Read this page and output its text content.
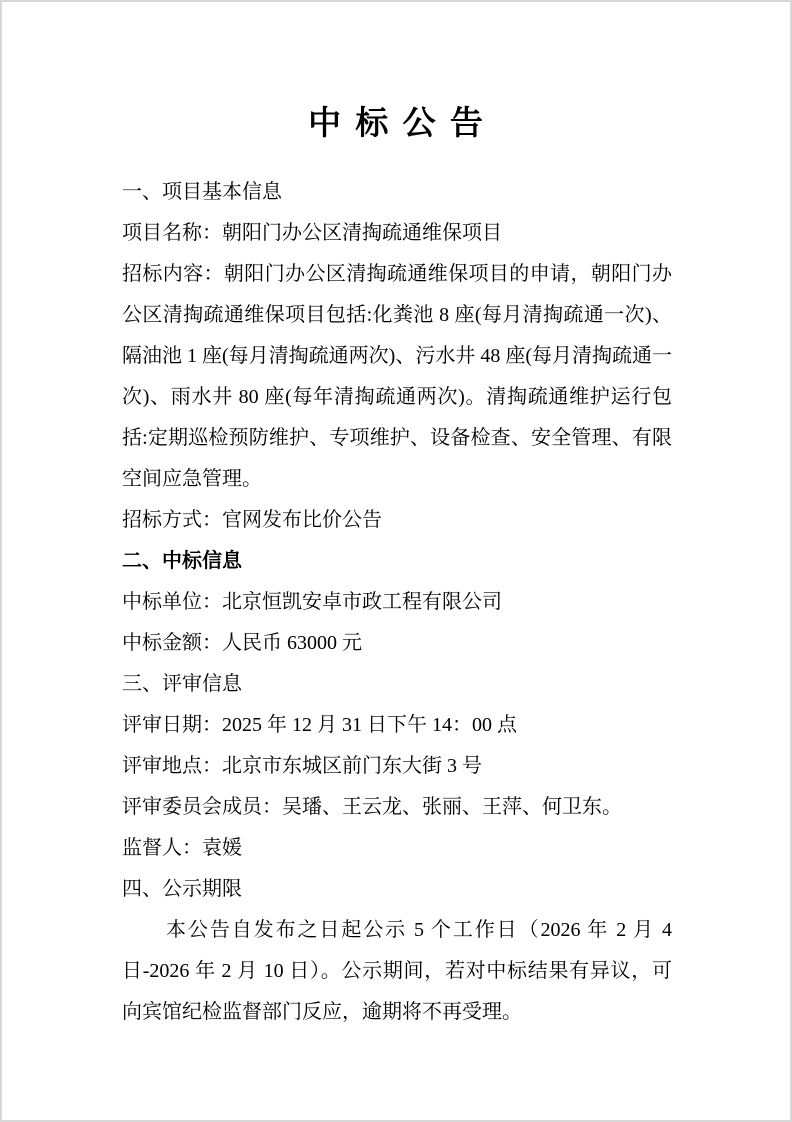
中 标 公 告
一、项目基本信息
项目名称：朝阳门办公区清掏疏通维保项目
招标内容：朝阳门办公区清掏疏通维保项目的申请，朝阳门办公区清掏疏通维保项目包括:化粪池 8 座(每月清掏疏通一次)、隔油池 1 座(每月清掏疏通两次)、污水井 48 座(每月清掏疏通一次)、雨水井 80 座(每年清掏疏通两次)。清掏疏通维护运行包括:定期巡检预防维护、专项维护、设备检查、安全管理、有限空间应急管理。
招标方式：官网发布比价公告
二、中标信息
中标单位：北京恒凯安卓市政工程有限公司
中标金额：人民币 63000 元
三、评审信息
评审日期：2025 年 12 月 31 日下午 14：00 点
评审地点：北京市东城区前门东大街 3 号
评审委员会成员：吴璠、王云龙、张丽、王萍、何卫东。
监督人：袁媛
四、公示期限
本公告自发布之日起公示 5 个工作日（2026 年 2 月 4 日-2026 年 2 月 10 日）。公示期间，若对中标结果有异议，可向宾馆纪检监督部门反应，逾期将不再受理。
